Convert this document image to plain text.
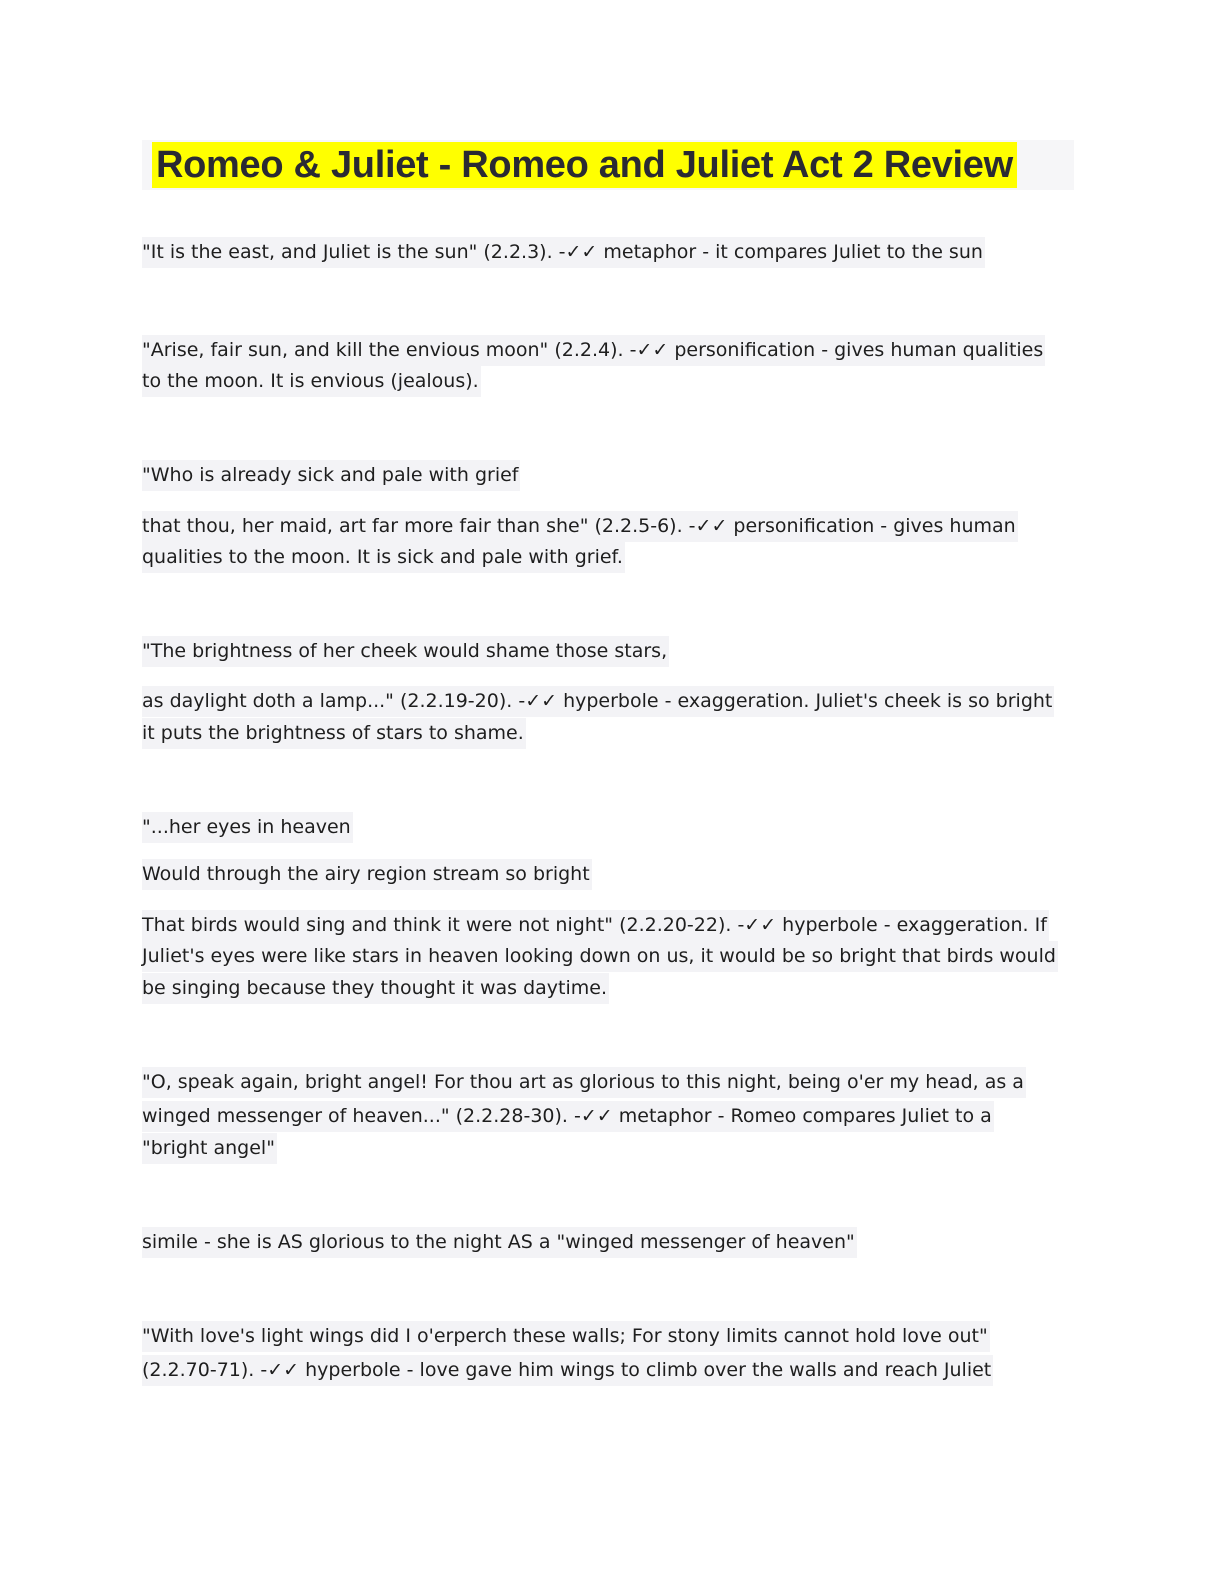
Romeo & Juliet - Romeo and Juliet Act 2 Review
"It is the east, and Juliet is the sun" (2.2.3). -✓✓ metaphor - it compares Juliet to the sun
"Arise, fair sun, and kill the envious moon" (2.2.4). -✓✓ personification - gives human qualities
to the moon. It is envious (jealous).
"Who is already sick and pale with grief
that thou, her maid, art far more fair than she" (2.2.5-6). -✓✓ personification - gives human
qualities to the moon. It is sick and pale with grief.
"The brightness of her cheek would shame those stars,
as daylight doth a lamp..." (2.2.19-20). -✓✓ hyperbole - exaggeration. Juliet's cheek is so bright
it puts the brightness of stars to shame.
"...her eyes in heaven
Would through the airy region stream so bright
That birds would sing and think it were not night" (2.2.20-22). -✓✓ hyperbole - exaggeration. If
Juliet's eyes were like stars in heaven looking down on us, it would be so bright that birds would
be singing because they thought it was daytime.
"O, speak again, bright angel! For thou art as glorious to this night, being o'er my head, as a
winged messenger of heaven..." (2.2.28-30). -✓✓ metaphor - Romeo compares Juliet to a
"bright angel"
simile - she is AS glorious to the night AS a "winged messenger of heaven"
"With love's light wings did I o'erperch these walls; For stony limits cannot hold love out"
(2.2.70-71). -✓✓ hyperbole - love gave him wings to climb over the walls and reach Juliet
